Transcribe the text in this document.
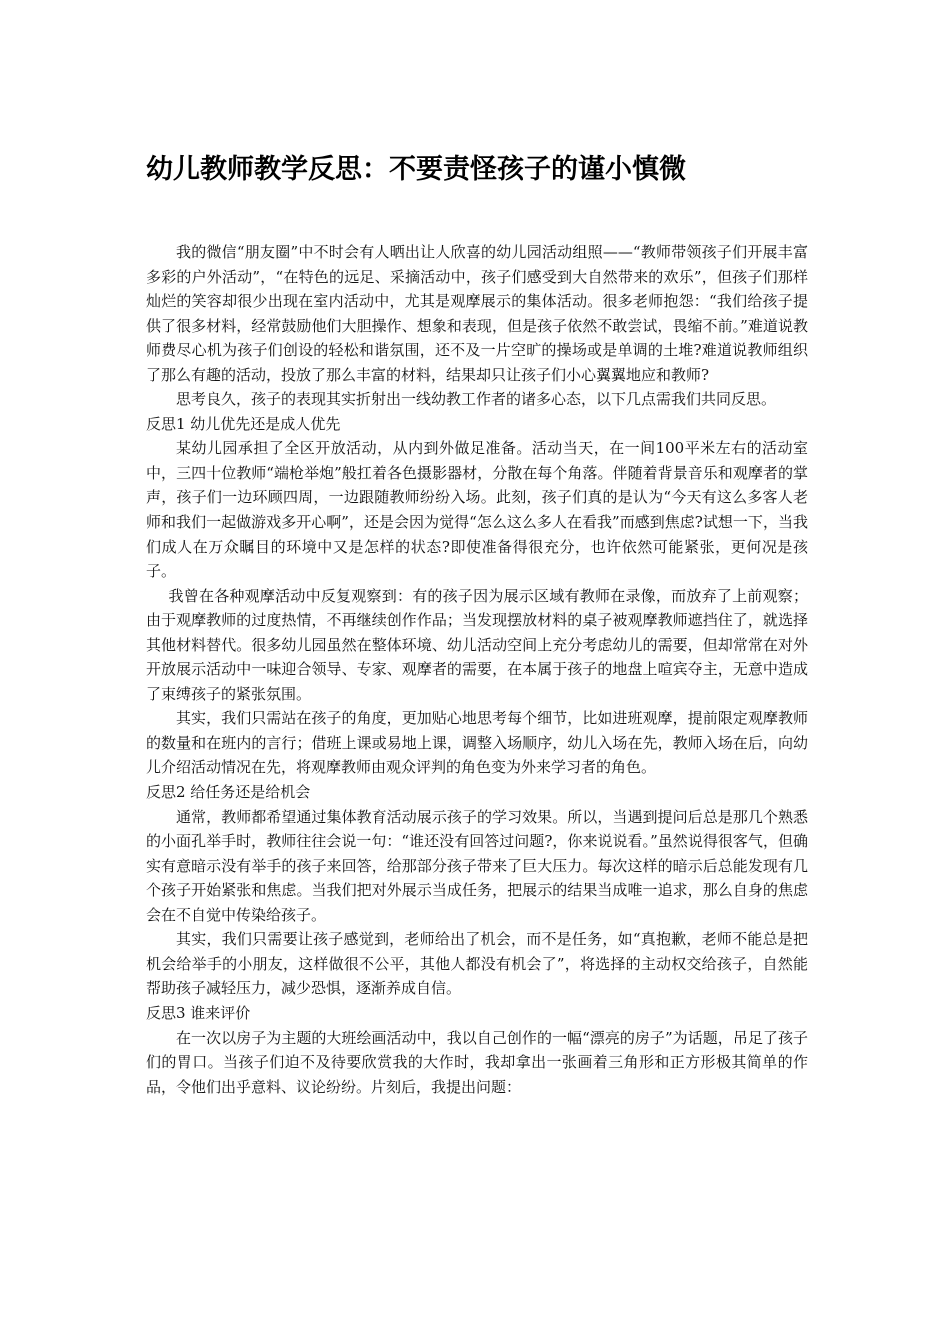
幼儿教师教学反思：不要责怪孩子的谨小慎微

我的微信“朋友圈”中不时会有人晒出让人欣喜的幼儿园活动组照——“教师带领孩子们开展丰富多彩的户外活动”，“在特色的远足、采摘活动中，孩子们感受到大自然带来的欢乐”，但孩子们那样灿烂的笑容却很少出现在室内活动中，尤其是观摩展示的集体活动。很多老师抱怨：“我们给孩子提供了很多材料，经常鼓励他们大胆操作、想象和表现，但是孩子依然不敢尝试，畏缩不前。”难道说教师费尽心机为孩子们创设的轻松和谐氛围，还不及一片空旷的操场或是单调的土堆?难道说教师组织了那么有趣的活动，投放了那么丰富的材料，结果却只让孩子们小心翼翼地应和教师?

思考良久，孩子的表现其实折射出一线幼教工作者的诸多心态，以下几点需我们共同反思。

反思1 幼儿优先还是成人优先

某幼儿园承担了全区开放活动，从内到外做足准备。活动当天，在一间100平米左右的活动室中，三四十位教师“端枪举炮”般扛着各色摄影器材，分散在每个角落。伴随着背景音乐和观摩者的掌声，孩子们一边环顾四周，一边跟随教师纷纷入场。此刻，孩子们真的是认为“今天有这么多客人老师和我们一起做游戏多开心啊”，还是会因为觉得“怎么这么多人在看我”而感到焦虑?试想一下，当我们成人在万众瞩目的环境中又是怎样的状态?即使准备得很充分，也许依然可能紧张，更何况是孩子。

我曾在各种观摩活动中反复观察到：有的孩子因为展示区域有教师在录像，而放弃了上前观察；由于观摩教师的过度热情，不再继续创作作品；当发现摆放材料的桌子被观摩教师遮挡住了，就选择其他材料替代。很多幼儿园虽然在整体环境、幼儿活动空间上充分考虑幼儿的需要，但却常常在对外开放展示活动中一味迎合领导、专家、观摩者的需要，在本属于孩子的地盘上喧宾夺主，无意中造成了束缚孩子的紧张氛围。

其实，我们只需站在孩子的角度，更加贴心地思考每个细节，比如进班观摩，提前限定观摩教师的数量和在班内的言行；借班上课或易地上课，调整入场顺序，幼儿入场在先，教师入场在后，向幼儿介绍活动情况在先，将观摩教师由观众评判的角色变为外来学习者的角色。

反思2 给任务还是给机会

通常，教师都希望通过集体教育活动展示孩子的学习效果。所以，当遇到提问后总是那几个熟悉的小面孔举手时，教师往往会说一句：“谁还没有回答过问题?，你来说说看。”虽然说得很客气，但确实有意暗示没有举手的孩子来回答，给那部分孩子带来了巨大压力。每次这样的暗示后总能发现有几个孩子开始紧张和焦虑。当我们把对外展示当成任务，把展示的结果当成唯一追求，那么自身的焦虑会在不自觉中传染给孩子。

其实，我们只需要让孩子感觉到，老师给出了机会，而不是任务，如“真抱歉，老师不能总是把机会给举手的小朋友，这样做很不公平，其他人都没有机会了”，将选择的主动权交给孩子，自然能帮助孩子减轻压力，减少恐惧，逐渐养成自信。

反思3 谁来评价

在一次以房子为主题的大班绘画活动中，我以自己创作的一幅“漂亮的房子”为话题，吊足了孩子们的胃口。当孩子们迫不及待要欣赏我的大作时，我却拿出一张画着三角形和正方形极其简单的作品，令他们出乎意料、议论纷纷。片刻后，我提出问题：
